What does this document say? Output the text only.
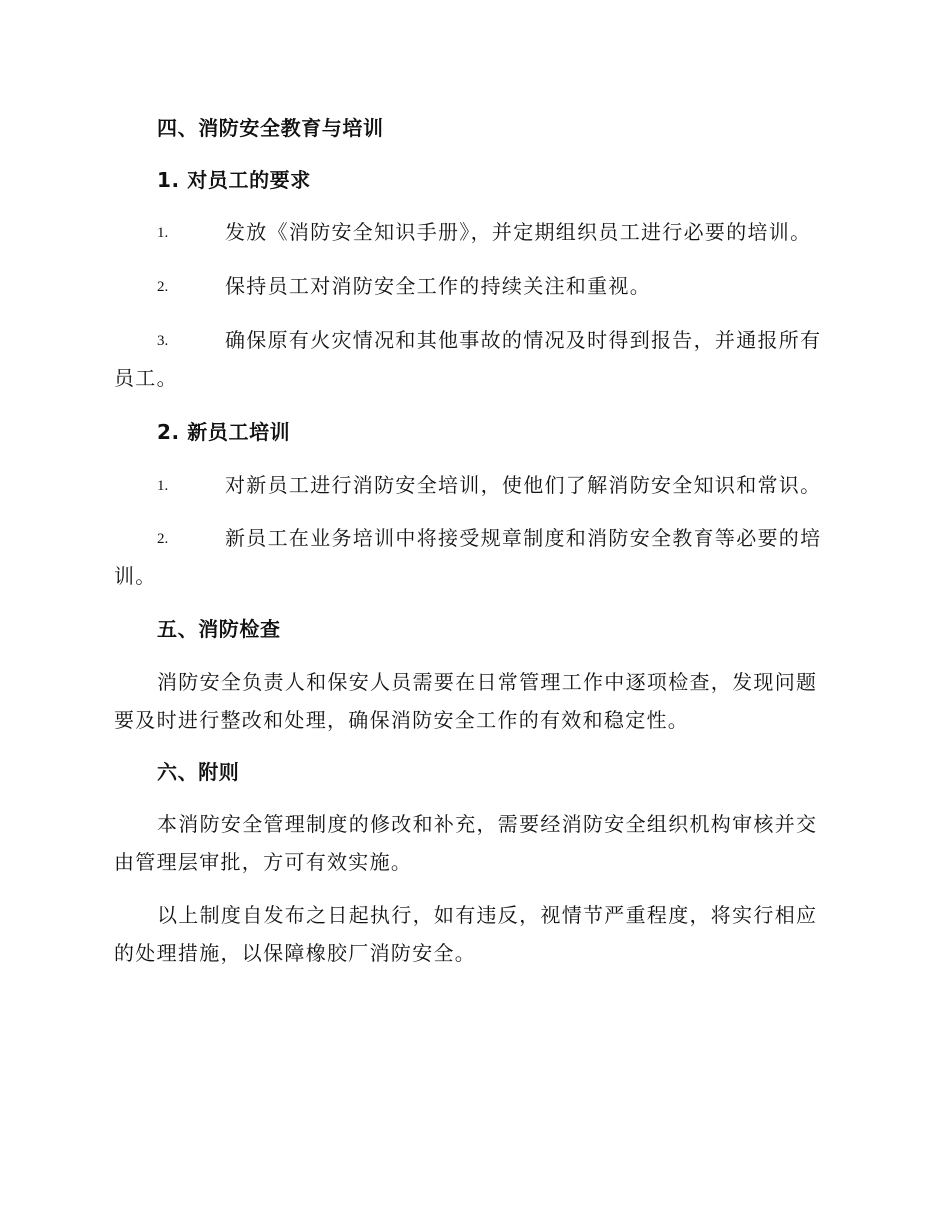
四、消防安全教育与培训
1. 对员工的要求
1.	发放《消防安全知识手册》，并定期组织员工进行必要的培训。
2.	保持员工对消防安全工作的持续关注和重视。
3.	确保原有火灾情况和其他事故的情况及时得到报告，并通报所有
员工。
2. 新员工培训
1.	对新员工进行消防安全培训，使他们了解消防安全知识和常识。
2.	新员工在业务培训中将接受规章制度和消防安全教育等必要的培
训。
五、消防检查
消防安全负责人和保安人员需要在日常管理工作中逐项检查，发现问题
要及时进行整改和处理，确保消防安全工作的有效和稳定性。
六、附则
本消防安全管理制度的修改和补充，需要经消防安全组织机构审核并交
由管理层审批，方可有效实施。
以上制度自发布之日起执行，如有违反，视情节严重程度，将实行相应
的处理措施，以保障橡胶厂消防安全。
